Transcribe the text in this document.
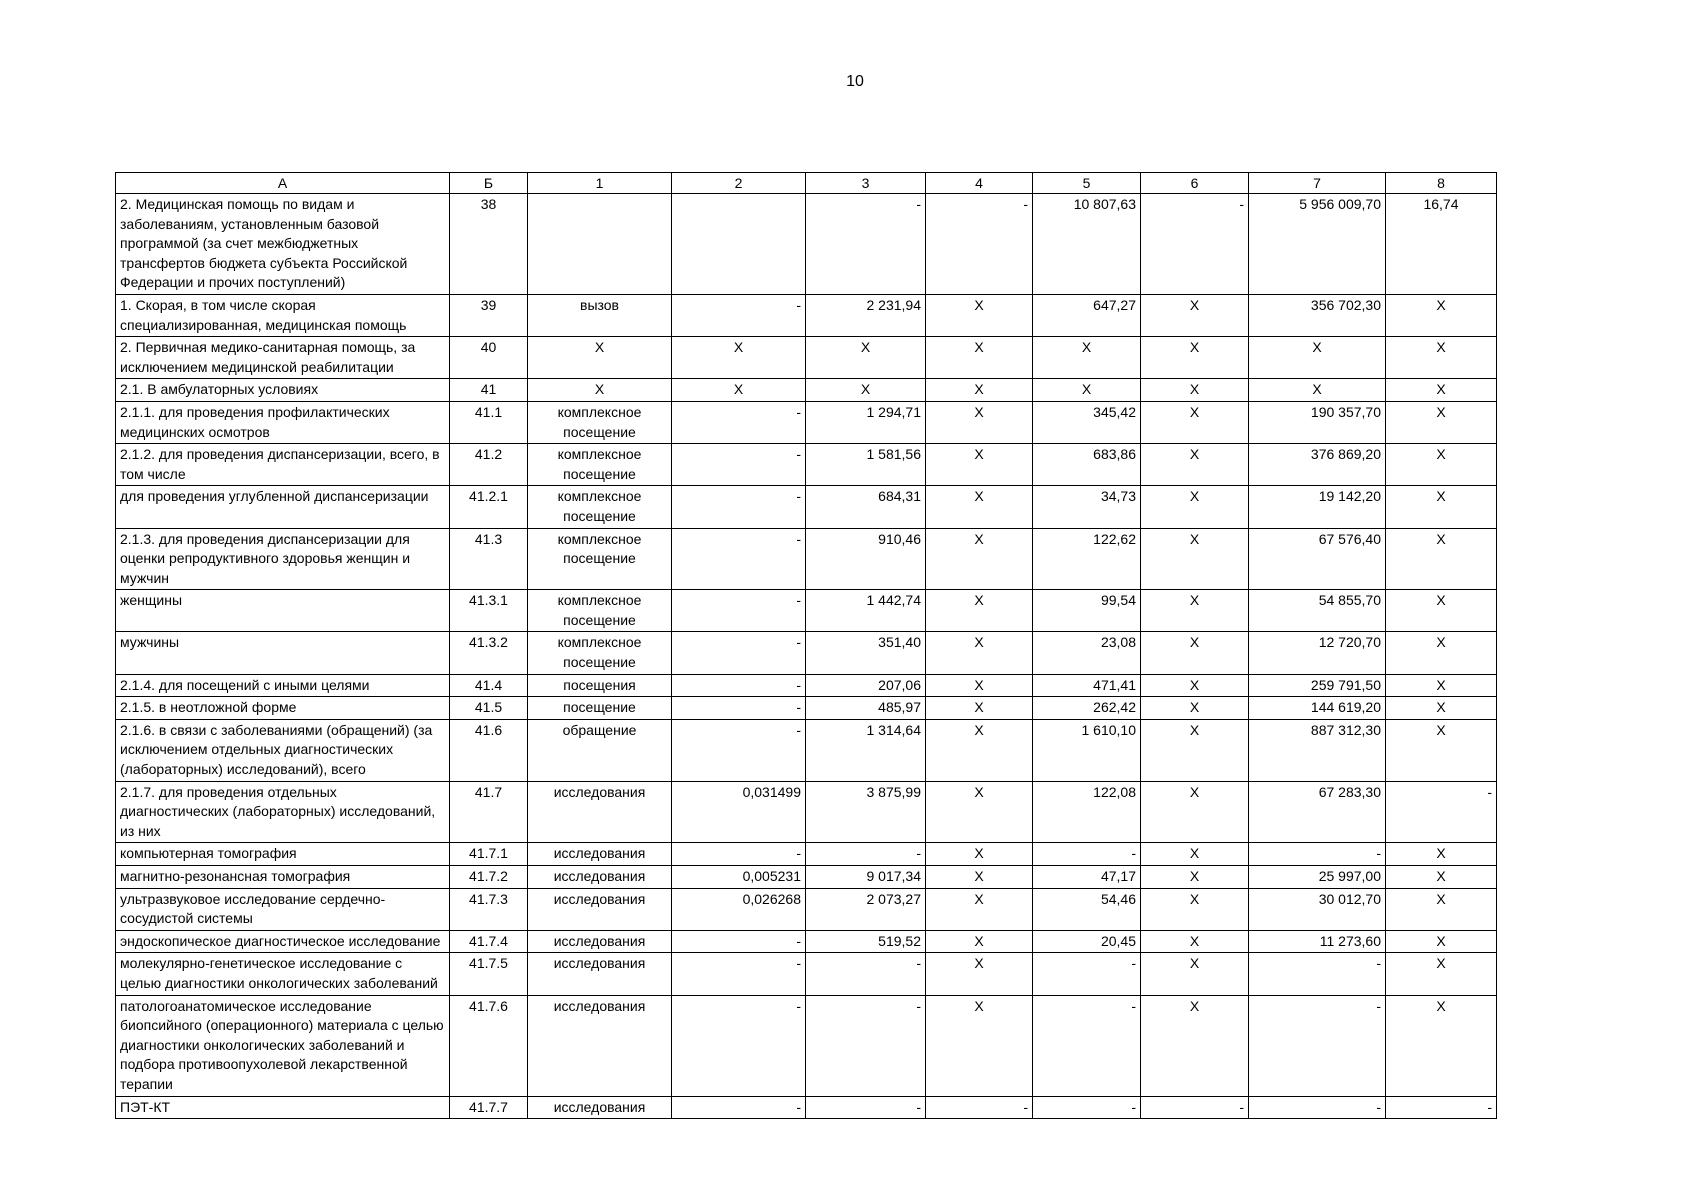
10
А	Б	1	2	3	4	5	6	7	8
2. Медицинская помощь по видам и заболеваниям, установленным базовой программой (за счет межбюджетных трансфертов бюджета субъекта Российской Федерации и прочих поступлений)	38			-	-	10 807,63	-	5 956 009,70	16,74
1. Скорая, в том числе скорая специализированная, медицинская помощь	39	вызов	-	2 231,94	X	647,27	X	356 702,30	X
2. Первичная медико-санитарная помощь, за исключением медицинской реабилитации	40	X	X	X	X	X	X	X	X
2.1. В амбулаторных условиях	41	X	X	X	X	X	X	X	X
2.1.1. для проведения профилактических медицинских осмотров	41.1	комплексное посещение	-	1 294,71	X	345,42	X	190 357,70	X
2.1.2. для проведения диспансеризации, всего, в том числе	41.2	комплексное посещение	-	1 581,56	X	683,86	X	376 869,20	X
для проведения углубленной диспансеризации	41.2.1	комплексное посещение	-	684,31	X	34,73	X	19 142,20	X
2.1.3. для проведения диспансеризации для оценки репродуктивного здоровья женщин и мужчин	41.3	комплексное посещение	-	910,46	X	122,62	X	67 576,40	X
женщины	41.3.1	комплексное посещение	-	1 442,74	X	99,54	X	54 855,70	X
мужчины	41.3.2	комплексное посещение	-	351,40	X	23,08	X	12 720,70	X
2.1.4. для посещений с иными целями	41.4	посещения	-	207,06	X	471,41	X	259 791,50	X
2.1.5. в неотложной форме	41.5	посещение	-	485,97	X	262,42	X	144 619,20	X
2.1.6. в связи с заболеваниями (обращений) (за исключением отдельных диагностических (лабораторных) исследований), всего	41.6	обращение	-	1 314,64	X	1 610,10	X	887 312,30	X
2.1.7. для проведения отдельных диагностических (лабораторных) исследований, из них	41.7	исследования	0,031499	3 875,99	X	122,08	X	67 283,30	-
компьютерная томография	41.7.1	исследования	-	-	X	-	X	-	X
магнитно-резонансная томография	41.7.2	исследования	0,005231	9 017,34	X	47,17	X	25 997,00	X
ультразвуковое исследование сердечно-сосудистой системы	41.7.3	исследования	0,026268	2 073,27	X	54,46	X	30 012,70	X
эндоскопическое диагностическое исследование	41.7.4	исследования	-	519,52	X	20,45	X	11 273,60	X
молекулярно-генетическое исследование с целью диагностики онкологических заболеваний	41.7.5	исследования	-	-	X	-	X	-	X
патологоанатомическое исследование биопсийного (операционного) материала с целью диагностики онкологических заболеваний и подбора противоопухолевой лекарственной терапии	41.7.6	исследования	-	-	X	-	X	-	X
ПЭТ-КТ	41.7.7	исследования	-	-	-	-	-	-	-
